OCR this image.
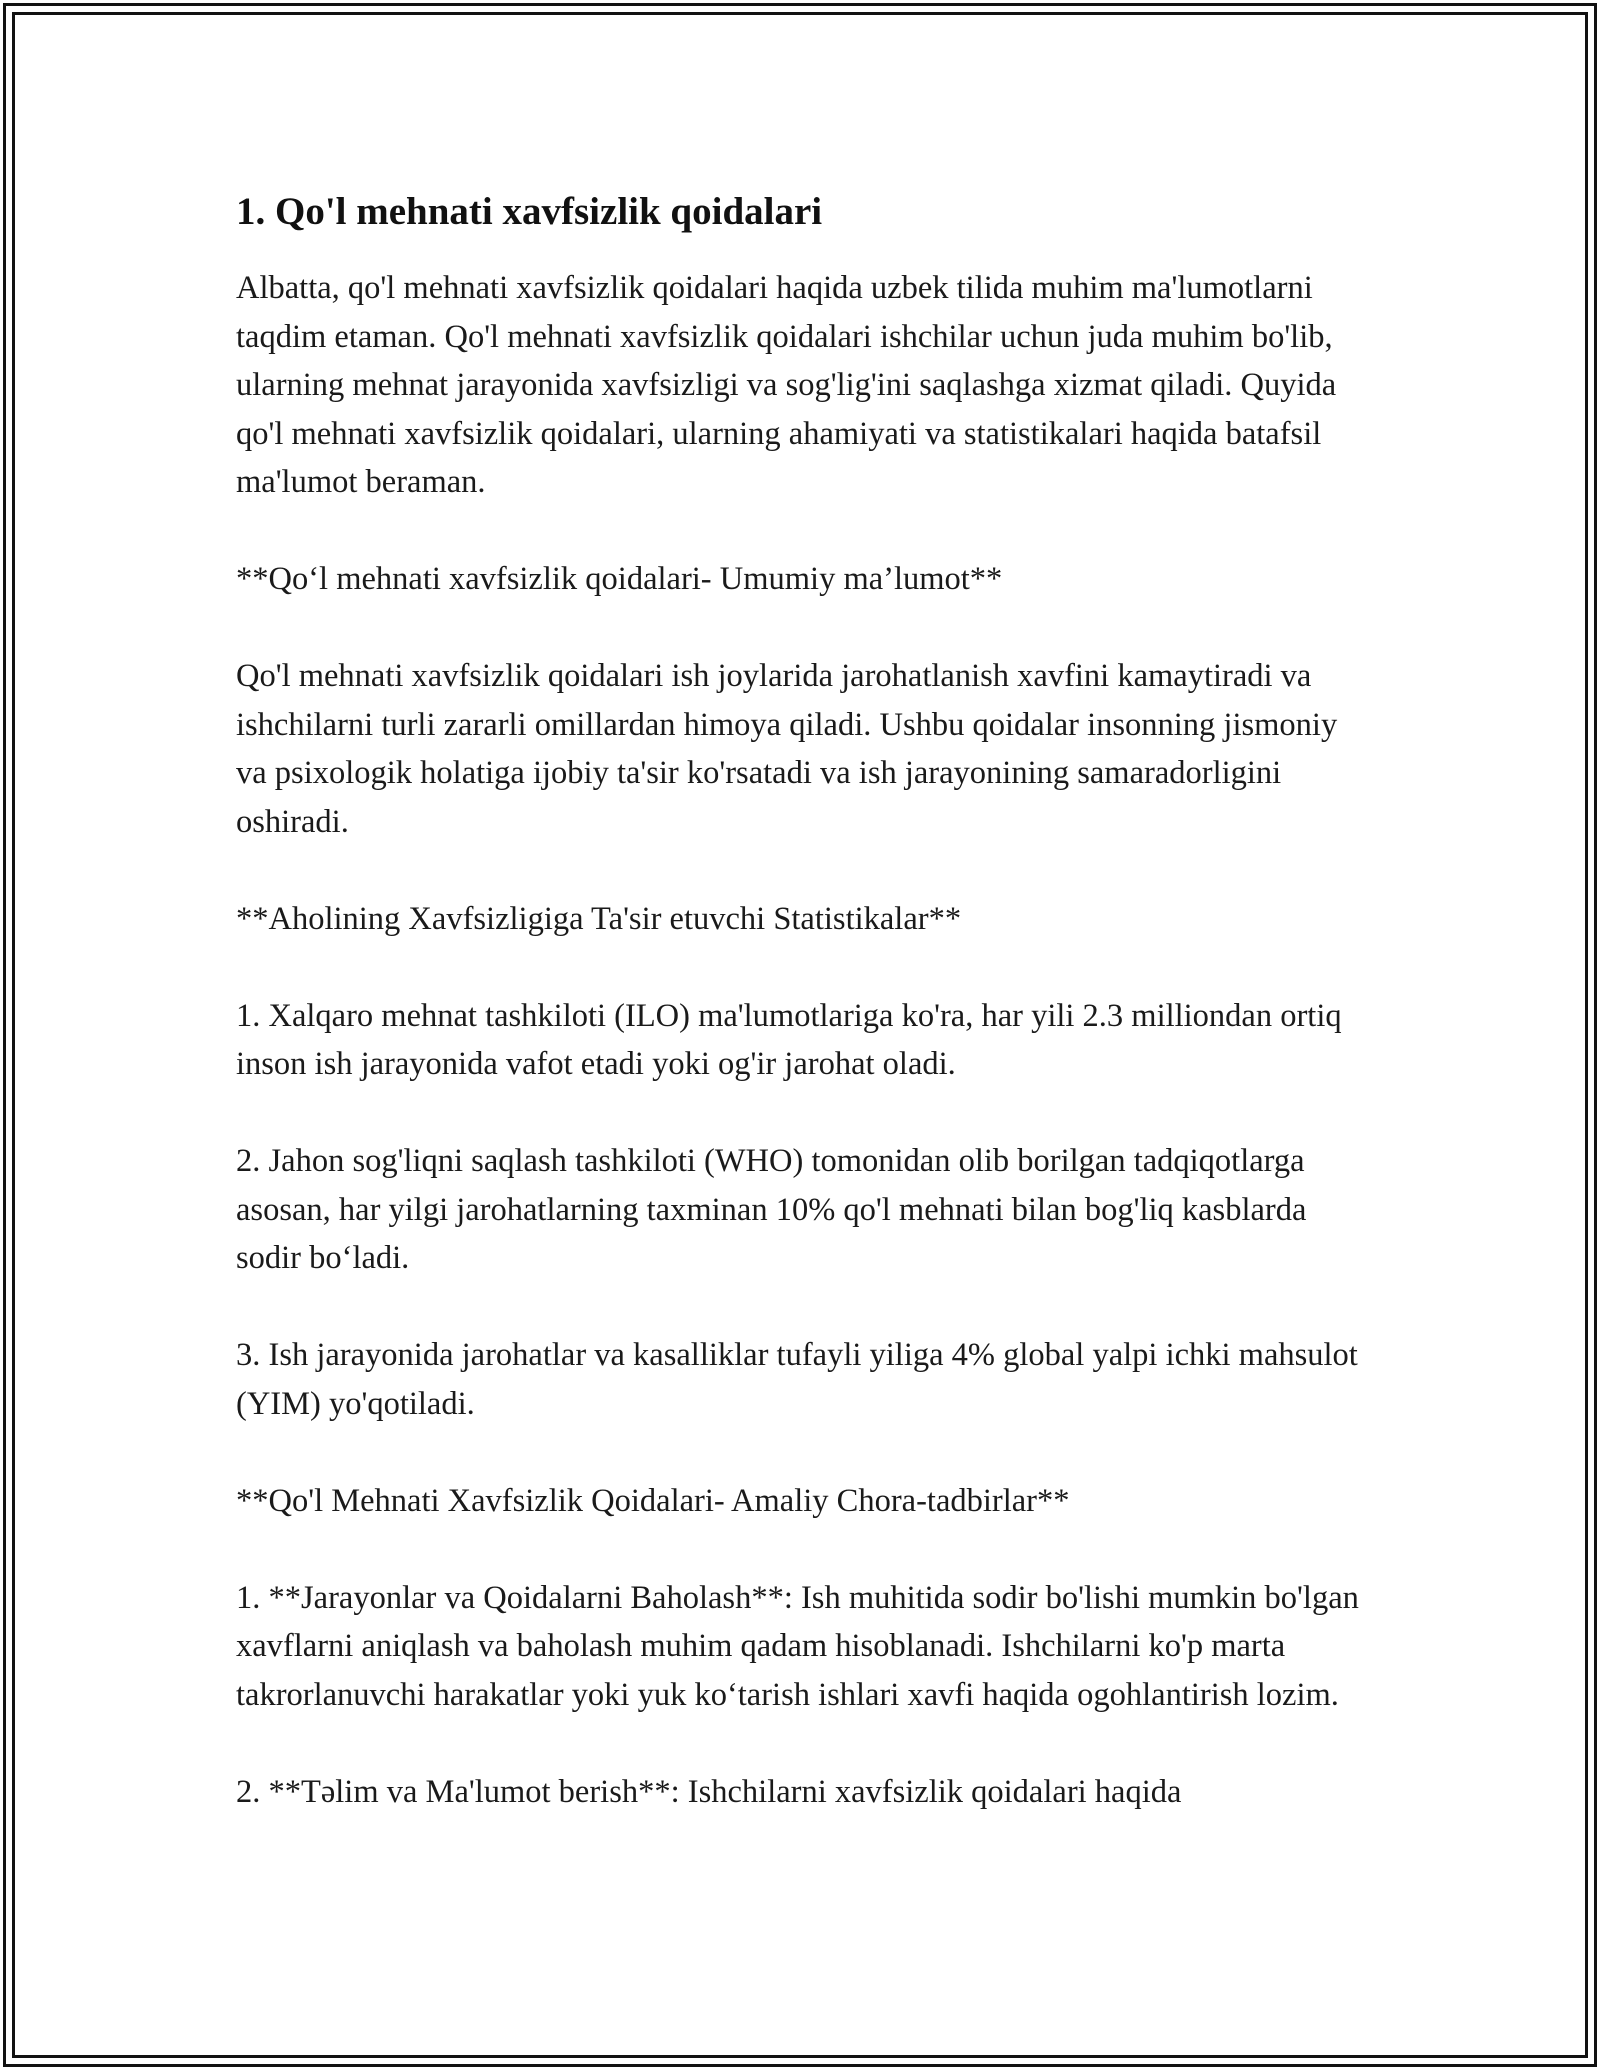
1. Qo'l mehnati xavfsizlik qoidalari

Albatta, qo'l mehnati xavfsizlik qoidalari haqida uzbek tilida muhim ma'lumotlarni taqdim etaman. Qo'l mehnati xavfsizlik qoidalari ishchilar uchun juda muhim bo'lib, ularning mehnat jarayonida xavfsizligi va sog'lig'ini saqlashga xizmat qiladi. Quyida qo'l mehnati xavfsizlik qoidalari, ularning ahamiyati va statistikalari haqida batafsil ma'lumot beraman.

**Qo‘l mehnati xavfsizlik qoidalari- Umumiy ma’lumot**

Qo'l mehnati xavfsizlik qoidalari ish joylarida jarohatlanish xavfini kamaytiradi va ishchilarni turli zararli omillardan himoya qiladi. Ushbu qoidalar insonning jismoniy va psixologik holatiga ijobiy ta'sir ko'rsatadi va ish jarayonining samaradorligini oshiradi.

**Aholining Xavfsizligiga Ta'sir etuvchi Statistikalar**

1. Xalqaro mehnat tashkiloti (ILO) ma'lumotlariga ko'ra, har yili 2.3 milliondan ortiq inson ish jarayonida vafot etadi yoki og'ir jarohat oladi.

2. Jahon sog'liqni saqlash tashkiloti (WHO) tomonidan olib borilgan tadqiqotlarga asosan, har yilgi jarohatlarning taxminan 10% qo'l mehnati bilan bog'liq kasblarda sodir bo‘ladi.

3. Ish jarayonida jarohatlar va kasalliklar tufayli yiliga 4% global yalpi ichki mahsulot (YIM) yo'qotiladi.

**Qo'l Mehnati Xavfsizlik Qoidalari- Amaliy Chora-tadbirlar**

1. **Jarayonlar va Qoidalarni Baholash**: Ish muhitida sodir bo'lishi mumkin bo'lgan xavflarni aniqlash va baholash muhim qadam hisoblanadi. Ishchilarni ko'p marta takrorlanuvchi harakatlar yoki yuk ko‘tarish ishlari xavfi haqida ogohlantirish lozim.

2. **Təlim va Ma'lumot berish**: Ishchilarni xavfsizlik qoidalari haqida
